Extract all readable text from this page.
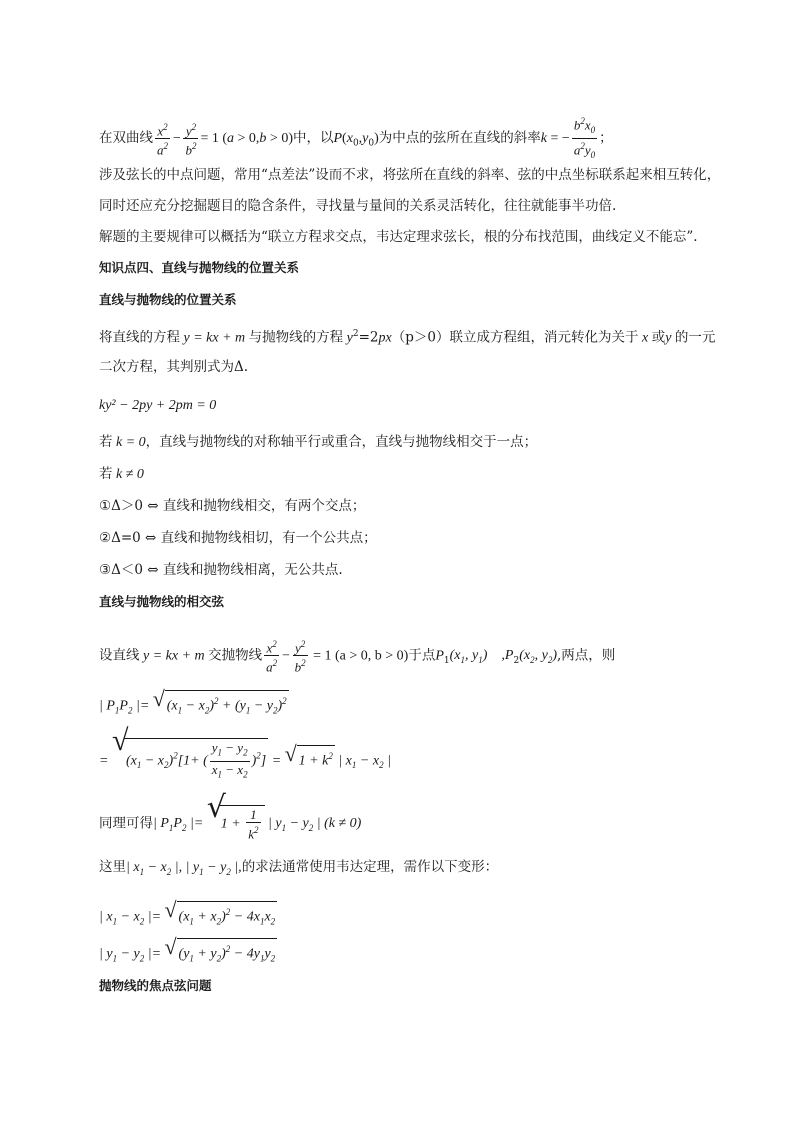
在双曲线 $\frac{x^2}{a^2} - \frac{y^2}{b^2} = 1$ (a > 0,b > 0)中，以$P(x_0,y_0)$为中点的弦所在直线的斜率k = − $\frac{b^2x_0}{a^2y_0}$ ；
涉及弦长的中点问题，常用“点差法”设而不求，将弦所在直线的斜率、弦的中点坐标联系起来相互转化，
同时还应充分挖掘题目的隐含条件，寻找量与量间的关系灵活转化，往往就能事半功倍.
解题的主要规律可以概括为“联立方程求交点，韦达定理求弦长，根的分布找范围，曲线定义不能忘”.
知识点四、直线与抛物线的位置关系
直线与抛物线的位置关系
将直线的方程 y = kx + m 与抛物线的方程 $y^2=2px(p>0)$联立成方程组，消元转化为关于 x 或y 的一元
二次方程，其判别式为Δ.
ky² − 2py + 2pm = 0
若 k = 0，直线与抛物线的对称轴平行或重合，直线与抛物线相交于一点；
若 k ≠ 0
①Δ＞0 ⇔ 直线和抛物线相交，有两个交点；
②Δ=0 ⇔ 直线和抛物线相切，有一个公共点；
③Δ＜0 ⇔ 直线和抛物线相离，无公共点.
直线与抛物线的相交弦
设直线 y = kx + m 交抛物线 $\frac{x^2}{a^2} - \frac{y^2}{b^2} = 1$ (a > 0, b > 0)于点$P_1(x_1$, $y_1$) $,P_2(x_2$, $y_2$),两点，则
| $P_1P_2$ |= √ $(x_1 - x_2)^2 + (y_1 - y_2)^2$
=
√
$(x_1 - x_2)^2[1+$ ( $\frac{y_1 - y_2}{x_1 - x_2} )^2$] = √ $1 + k^2$ | $x_1 - x_2$ |
同理可得| $P_1P_2$ |= √
$1 + \frac{1}{k^2}$ | $y_1 - y_2$ | (k ≠ 0)
这里| $x_1 - x_2$ |, | $y_1 - y_2$ |,的求法通常使用韦达定理，需作以下变形：
| $x_1 - x_2$ |= √ $(x_1 + x_2)^2 - 4x_1x_2$
| $y_1 - y_2$ |= √ $(y_1 + y_2)^2 - 4y_1y_2$
抛物线的焦点弦问题
